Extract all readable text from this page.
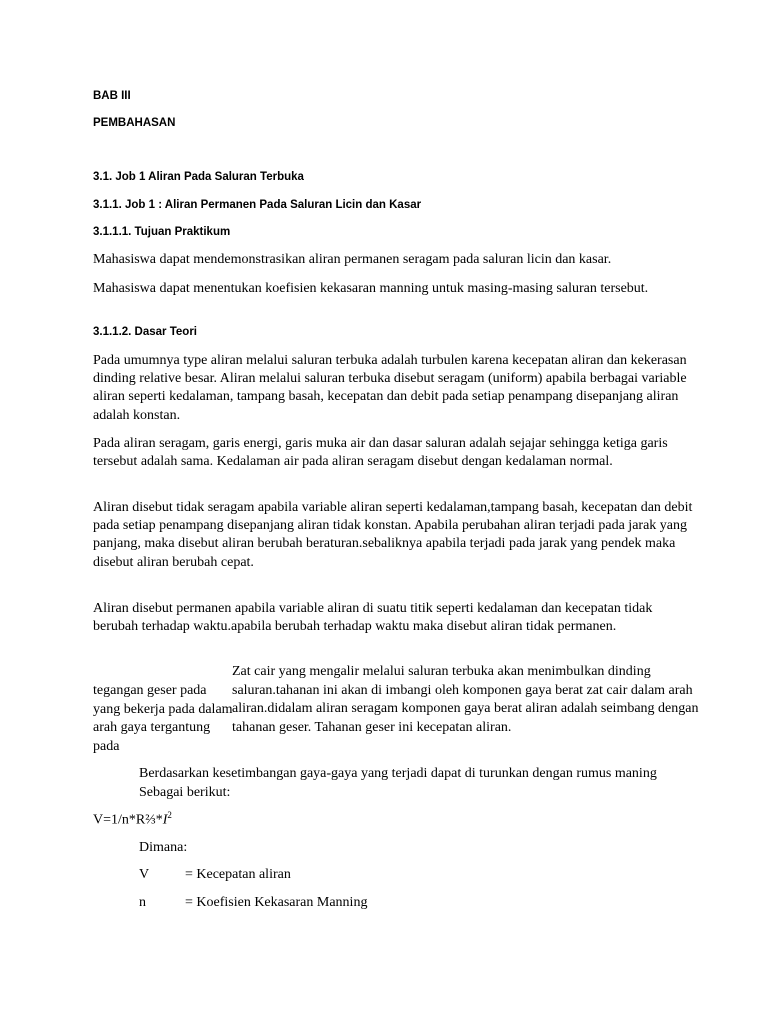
BAB III

PEMBAHASAN

3.1. Job 1 Aliran Pada Saluran Terbuka

3.1.1. Job 1 : Aliran Permanen Pada Saluran Licin dan Kasar

3.1.1.1. Tujuan Praktikum

Mahasiswa dapat mendemonstrasikan aliran permanen seragam pada saluran licin dan kasar.

Mahasiswa dapat menentukan koefisien kekasaran manning untuk masing-masing saluran tersebut.

3.1.1.2. Dasar Teori

Pada umumnya type aliran melalui saluran terbuka adalah turbulen karena kecepatan aliran dan kekerasan dinding relative besar. Aliran melalui saluran terbuka disebut seragam (uniform) apabila berbagai variable aliran seperti kedalaman, tampang basah, kecepatan dan debit pada setiap penampang disepanjang aliran adalah konstan.

Pada aliran seragam, garis energi, garis muka air dan dasar saluran adalah sejajar sehingga ketiga garis tersebut adalah sama. Kedalaman air pada aliran seragam disebut dengan kedalaman normal.

Aliran disebut tidak seragam apabila variable aliran seperti kedalaman,tampang basah, kecepatan dan debit pada setiap penampang disepanjang aliran tidak konstan. Apabila perubahan aliran terjadi pada jarak yang panjang, maka disebut aliran berubah beraturan.sebaliknya apabila terjadi pada jarak yang pendek maka disebut aliran berubah cepat.

Aliran disebut permanen apabila variable aliran di suatu titik seperti kedalaman dan kecepatan tidak berubah terhadap waktu.apabila berubah terhadap waktu maka disebut aliran tidak permanen.

tegangan geser pada yang bekerja pada dalam arah gaya tergantung pada
Zat cair yang mengalir melalui saluran terbuka akan menimbulkan dinding saluran.tahanan ini akan di imbangi oleh komponen gaya berat zat cair dalam arah aliran.didalam aliran seragam komponen gaya berat aliran adalah seimbang dengan tahanan geser. Tahanan geser ini kecepatan aliran.

Berdasarkan kesetimbangan gaya-gaya yang terjadi dapat di turunkan dengan rumus maning Sebagai berikut:

$V=1/n*R\frac{2}{3}*I^2$

Dimana:

V	= Kecepatan aliran
n	= Koefisien Kekasaran Manning
